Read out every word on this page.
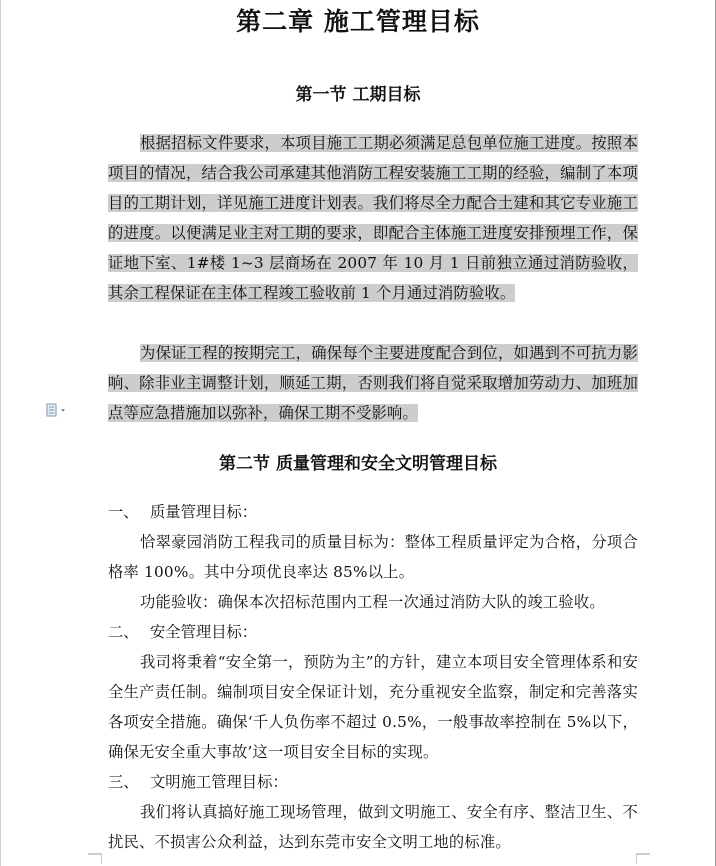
第二章 施工管理目标
第一节 工期目标
根据招标文件要求，本项目施工工期必须满足总包单位施工进度。按照本项目的情况，结合我公司承建其他消防工程安装施工工期的经验，编制了本项目的工期计划，详见施工进度计划表。我们将尽全力配合土建和其它专业施工的进度。以便满足业主对工期的要求，即配合主体施工进度安排预埋工作，保证地下室、1#楼 1~3 层商场在 2007 年 10 月 1 日前独立通过消防验收，其余工程保证在主体工程竣工验收前 1 个月通过消防验收。
为保证工程的按期完工，确保每个主要进度配合到位，如遇到不可抗力影响、除非业主调整计划，顺延工期，否则我们将自觉采取增加劳动力、加班加点等应急措施加以弥补，确保工期不受影响。
第二节 质量管理和安全文明管理目标
一、 质量管理目标：
恰翠豪园消防工程我司的质量目标为：整体工程质量评定为合格，分项合格率 100%。其中分项优良率达 85%以上。
功能验收：确保本次招标范围内工程一次通过消防大队的竣工验收。
二、 安全管理目标：
我司将秉着“安全第一，预防为主”的方针，建立本项目安全管理体系和安全生产责任制。编制项目安全保证计划，充分重视安全监察，制定和完善落实各项安全措施。确保‘千人负伤率不超过 0.5%，一般事故率控制在 5%以下，确保无安全重大事故’这一项目安全目标的实现。
三、 文明施工管理目标：
我们将认真搞好施工现场管理，做到文明施工、安全有序、整洁卫生、不扰民、不损害公众利益，达到东莞市安全文明工地的标准。
